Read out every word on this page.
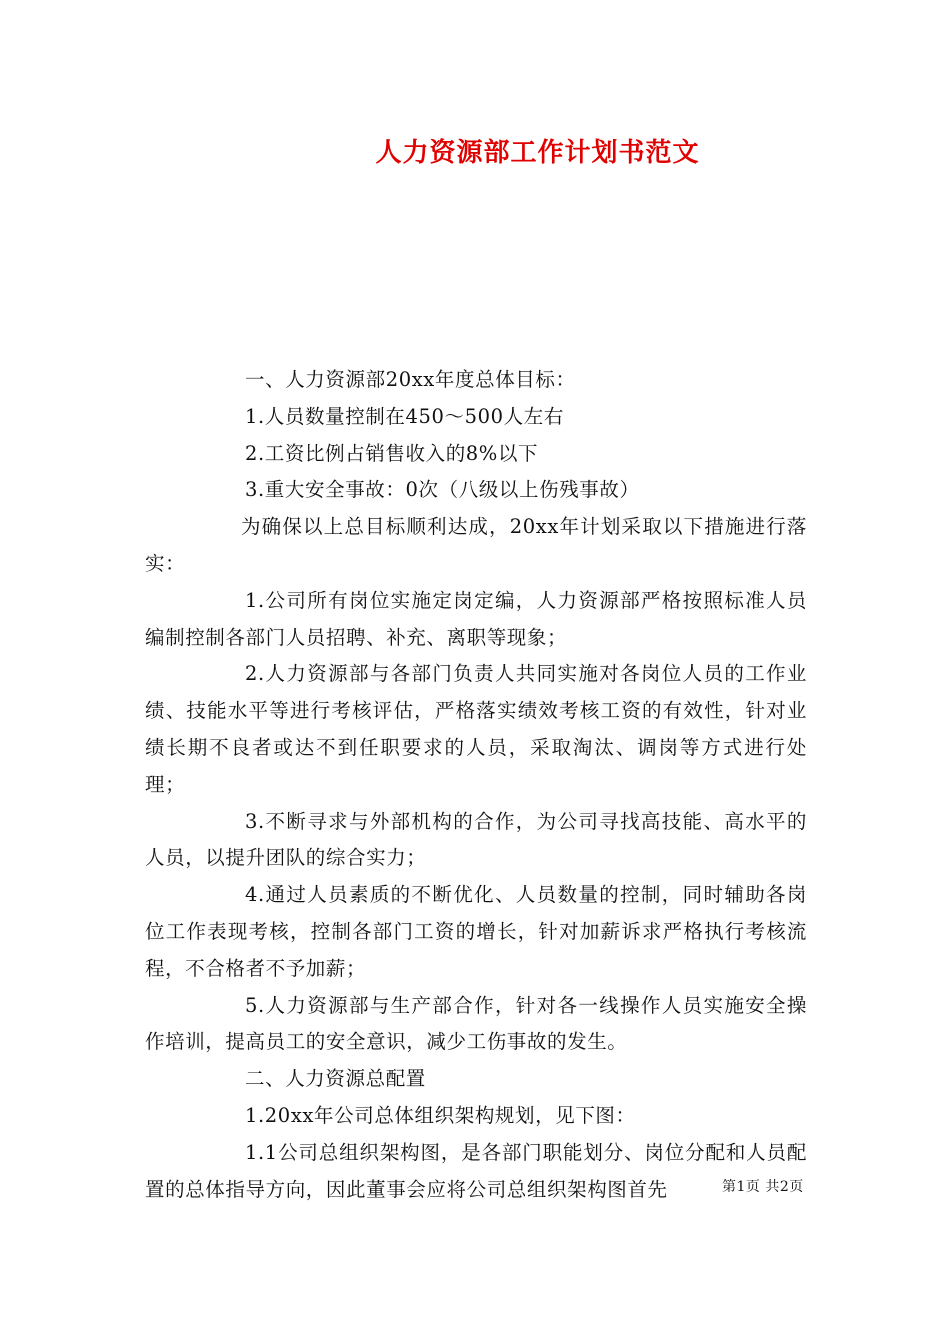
人力资源部工作计划书范文

一、人力资源部20xx年度总体目标：

1.人员数量控制在450～500人左右

2.工资比例占销售收入的8%以下

3.重大安全事故：0次（八级以上伤残事故）

为确保以上总目标顺利达成，20xx年计划采取以下措施进行落实：

1.公司所有岗位实施定岗定编，人力资源部严格按照标准人员编制控制各部门人员招聘、补充、离职等现象；

2.人力资源部与各部门负责人共同实施对各岗位人员的工作业绩、技能水平等进行考核评估，严格落实绩效考核工资的有效性，针对业绩长期不良者或达不到任职要求的人员，采取淘汰、调岗等方式进行处理；

3.不断寻求与外部机构的合作，为公司寻找高技能、高水平的人员，以提升团队的综合实力；

4.通过人员素质的不断优化、人员数量的控制，同时辅助各岗位工作表现考核，控制各部门工资的增长，针对加薪诉求严格执行考核流程，不合格者不予加薪；

5.人力资源部与生产部合作，针对各一线操作人员实施安全操作培训，提高员工的安全意识，减少工伤事故的发生。

二、人力资源总配置

1.20xx年公司总体组织架构规划，见下图：

1.1公司总组织架构图，是各部门职能划分、岗位分配和人员配置的总体指导方向，因此董事会应将公司总组织架构图首先	第1页 共2页
